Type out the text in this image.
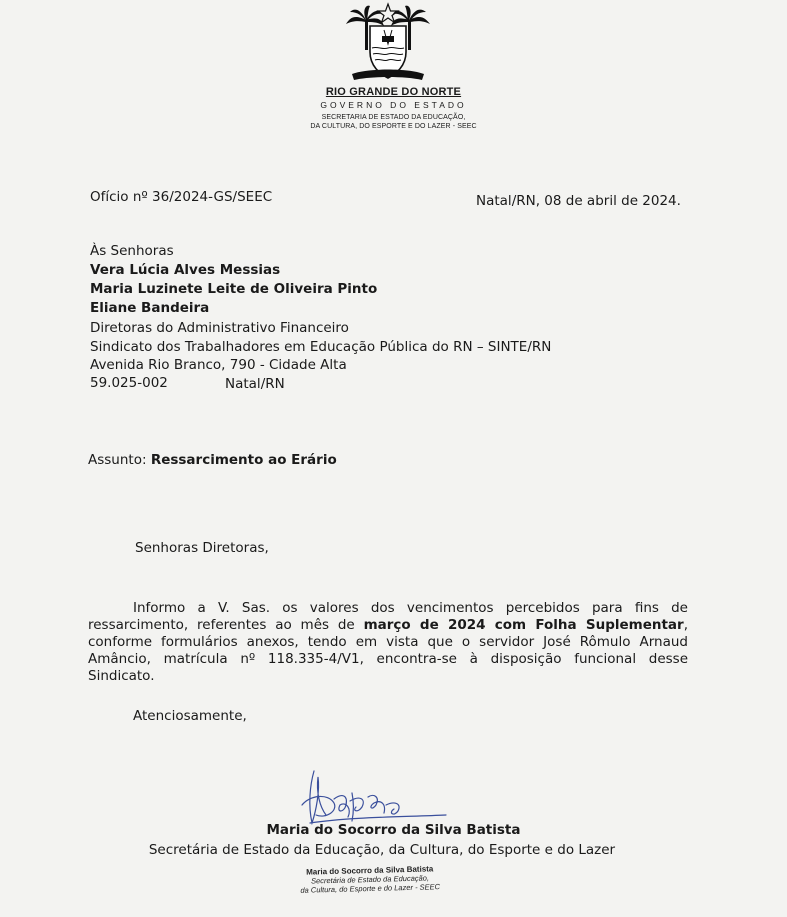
RIO GRANDE DO NORTE
GOVERNO DO ESTADO
SECRETARIA DE ESTADO DA EDUCAÇÃO,
DA CULTURA, DO ESPORTE E DO LAZER - SEEC
Ofício nº 36/2024-GS/SEEC	Natal/RN, 08 de abril de 2024.
Às Senhoras
Vera Lúcia Alves Messias
Maria Luzinete Leite de Oliveira Pinto
Eliane Bandeira
Diretoras do Administrativo Financeiro
Sindicato dos Trabalhadores em Educação Pública do RN – SINTE/RN
Avenida Rio Branco, 790 - Cidade Alta
59.025-002	Natal/RN
Assunto: Ressarcimento ao Erário
Senhoras Diretoras,
Informo a V. Sas. os valores dos vencimentos percebidos para fins de
ressarcimento, referentes ao mês de março de 2024 com Folha Suplementar,
conforme formulários anexos, tendo em vista que o servidor José Rômulo Arnaud
Amâncio, matrícula nº 118.335-4/V1, encontra-se à disposição funcional desse Sindicato.
Atenciosamente,
Maria do Socorro da Silva Batista
Secretária de Estado da Educação, da Cultura, do Esporte e do Lazer
Maria do Socorro da Silva Batista
Secretária de Estado da Educação,
da Cultura, do Esporte e do Lazer - SEEC
